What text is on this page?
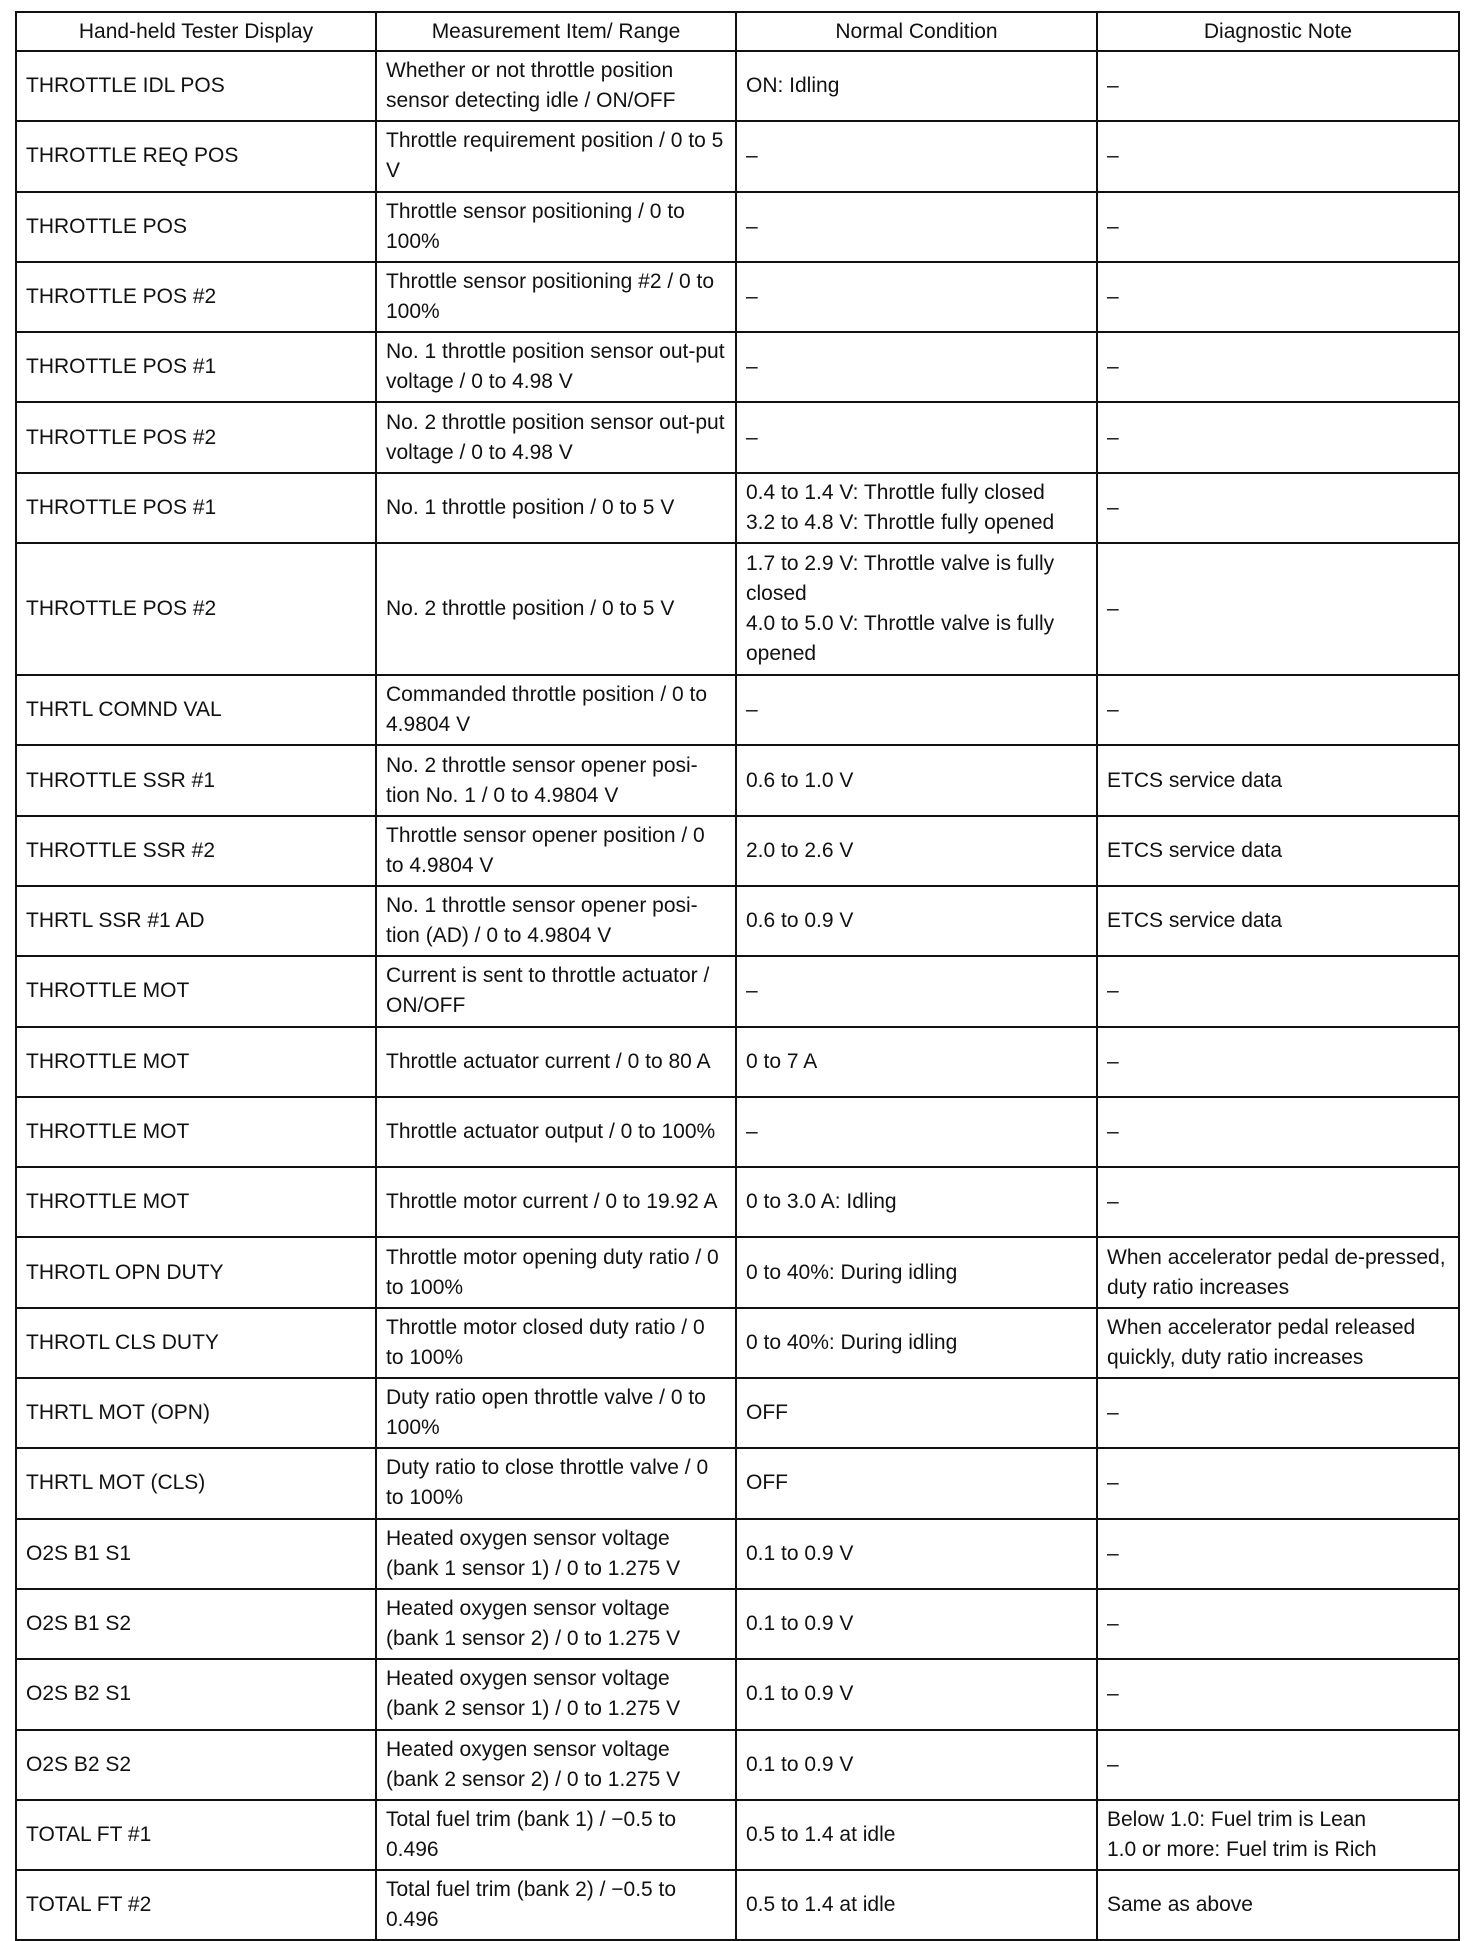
Hand-held Tester Display	Measurement Item/ Range	Normal Condition	Diagnostic Note

THROTTLE IDL POS	Whether or not throttle position sensor detecting idle / ON/OFF	ON: Idling	–

THROTTLE REQ POS	Throttle requirement position / 0 to 5 V	–	–

THROTTLE POS	Throttle sensor positioning / 0 to 100%	–	–

THROTTLE POS #2	Throttle sensor positioning #2 / 0 to 100%	–	–

THROTTLE POS #1	No. 1 throttle position sensor out-put voltage / 0 to 4.98 V	–	–

THROTTLE POS #2	No. 2 throttle position sensor out-put voltage / 0 to 4.98 V	–	–

THROTTLE POS #1	No. 1 throttle position / 0 to 5 V	0.4 to 1.4 V: Throttle fully closed
3.2 to 4.8 V: Throttle fully opened	–

THROTTLE POS #2	No. 2 throttle position / 0 to 5 V	1.7 to 2.9 V: Throttle valve is fully closed
4.0 to 5.0 V: Throttle valve is fully opened	–

THRTL COMND VAL	Commanded throttle position / 0 to 4.9804 V	–	–

THROTTLE SSR #1	No. 2 throttle sensor opener posi-tion No. 1 / 0 to 4.9804 V	0.6 to 1.0 V	ETCS service data

THROTTLE SSR #2	Throttle sensor opener position / 0 to 4.9804 V	2.0 to 2.6 V	ETCS service data

THRTL SSR #1 AD	No. 1 throttle sensor opener posi-tion (AD) / 0 to 4.9804 V	0.6 to 0.9 V	ETCS service data

THROTTLE MOT	Current is sent to throttle actuator / ON/OFF	–	–

THROTTLE MOT	Throttle actuator current / 0 to 80 A	0 to 7 A	–

THROTTLE MOT	Throttle actuator output / 0 to 100%	–	–

THROTTLE MOT	Throttle motor current / 0 to 19.92 A	0 to 3.0 A: Idling	–

THROTL OPN DUTY	Throttle motor opening duty ratio / 0 to 100%	0 to 40%: During idling	When accelerator pedal de-pressed, duty ratio increases

THROTL CLS DUTY	Throttle motor closed duty ratio / 0 to 100%	0 to 40%: During idling	When accelerator pedal released quickly, duty ratio increases

THRTL MOT (OPN)	Duty ratio open throttle valve / 0 to 100%	OFF	–

THRTL MOT (CLS)	Duty ratio to close throttle valve / 0 to 100%	OFF	–

O2S B1 S1	Heated oxygen sensor voltage (bank 1 sensor 1) / 0 to 1.275 V	0.1 to 0.9 V	–

O2S B1 S2	Heated oxygen sensor voltage (bank 1 sensor 2) / 0 to 1.275 V	0.1 to 0.9 V	–

O2S B2 S1	Heated oxygen sensor voltage (bank 2 sensor 1) / 0 to 1.275 V	0.1 to 0.9 V	–

O2S B2 S2	Heated oxygen sensor voltage (bank 2 sensor 2) / 0 to 1.275 V	0.1 to 0.9 V	–

TOTAL FT #1	Total fuel trim (bank 1) / −0.5 to 0.496	0.5 to 1.4 at idle	Below 1.0: Fuel trim is Lean
1.0 or more: Fuel trim is Rich

TOTAL FT #2	Total fuel trim (bank 2) / −0.5 to 0.496	0.5 to 1.4 at idle	Same as above
